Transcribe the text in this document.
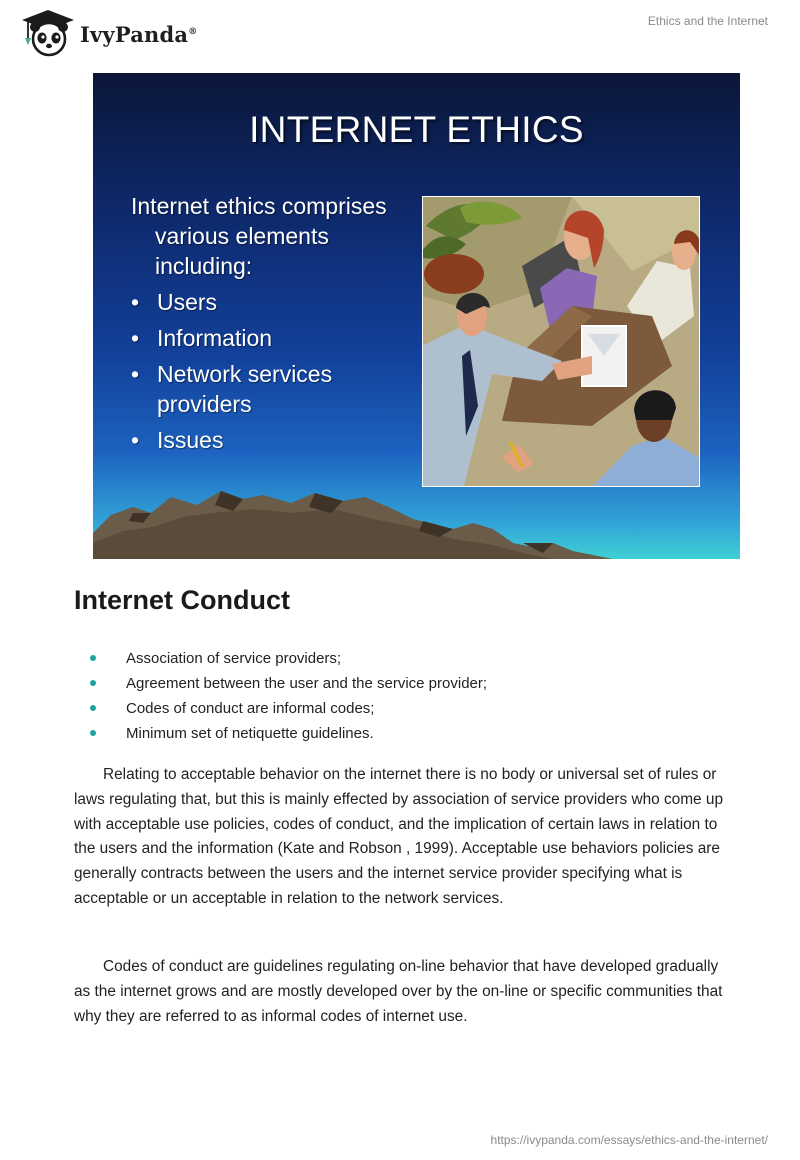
IvyPanda®
Ethics and the Internet
INTERNET ETHICS
Internet ethics comprises various elements including:
• Users
• Information
• Network services providers
• Issues
Internet Conduct
Association of service providers;
Agreement between the user and the service provider;
Codes of conduct are informal codes;
Minimum set of netiquette guidelines.

Relating to acceptable behavior on the internet there is no body or universal set of rules or laws regulating that, but this is mainly effected by association of service providers who come up with acceptable use policies, codes of conduct, and the implication of certain laws in relation to the users and the information (Kate and Robson , 1999). Acceptable use behaviors policies are generally contracts between the users and the internet service provider specifying what is acceptable or un acceptable in relation to the network services.

Codes of conduct are guidelines regulating on-line behavior that have developed gradually as the internet grows and are mostly developed over by the on-line or specific communities that why they are referred to as informal codes of internet use.

https://ivypanda.com/essays/ethics-and-the-internet/
